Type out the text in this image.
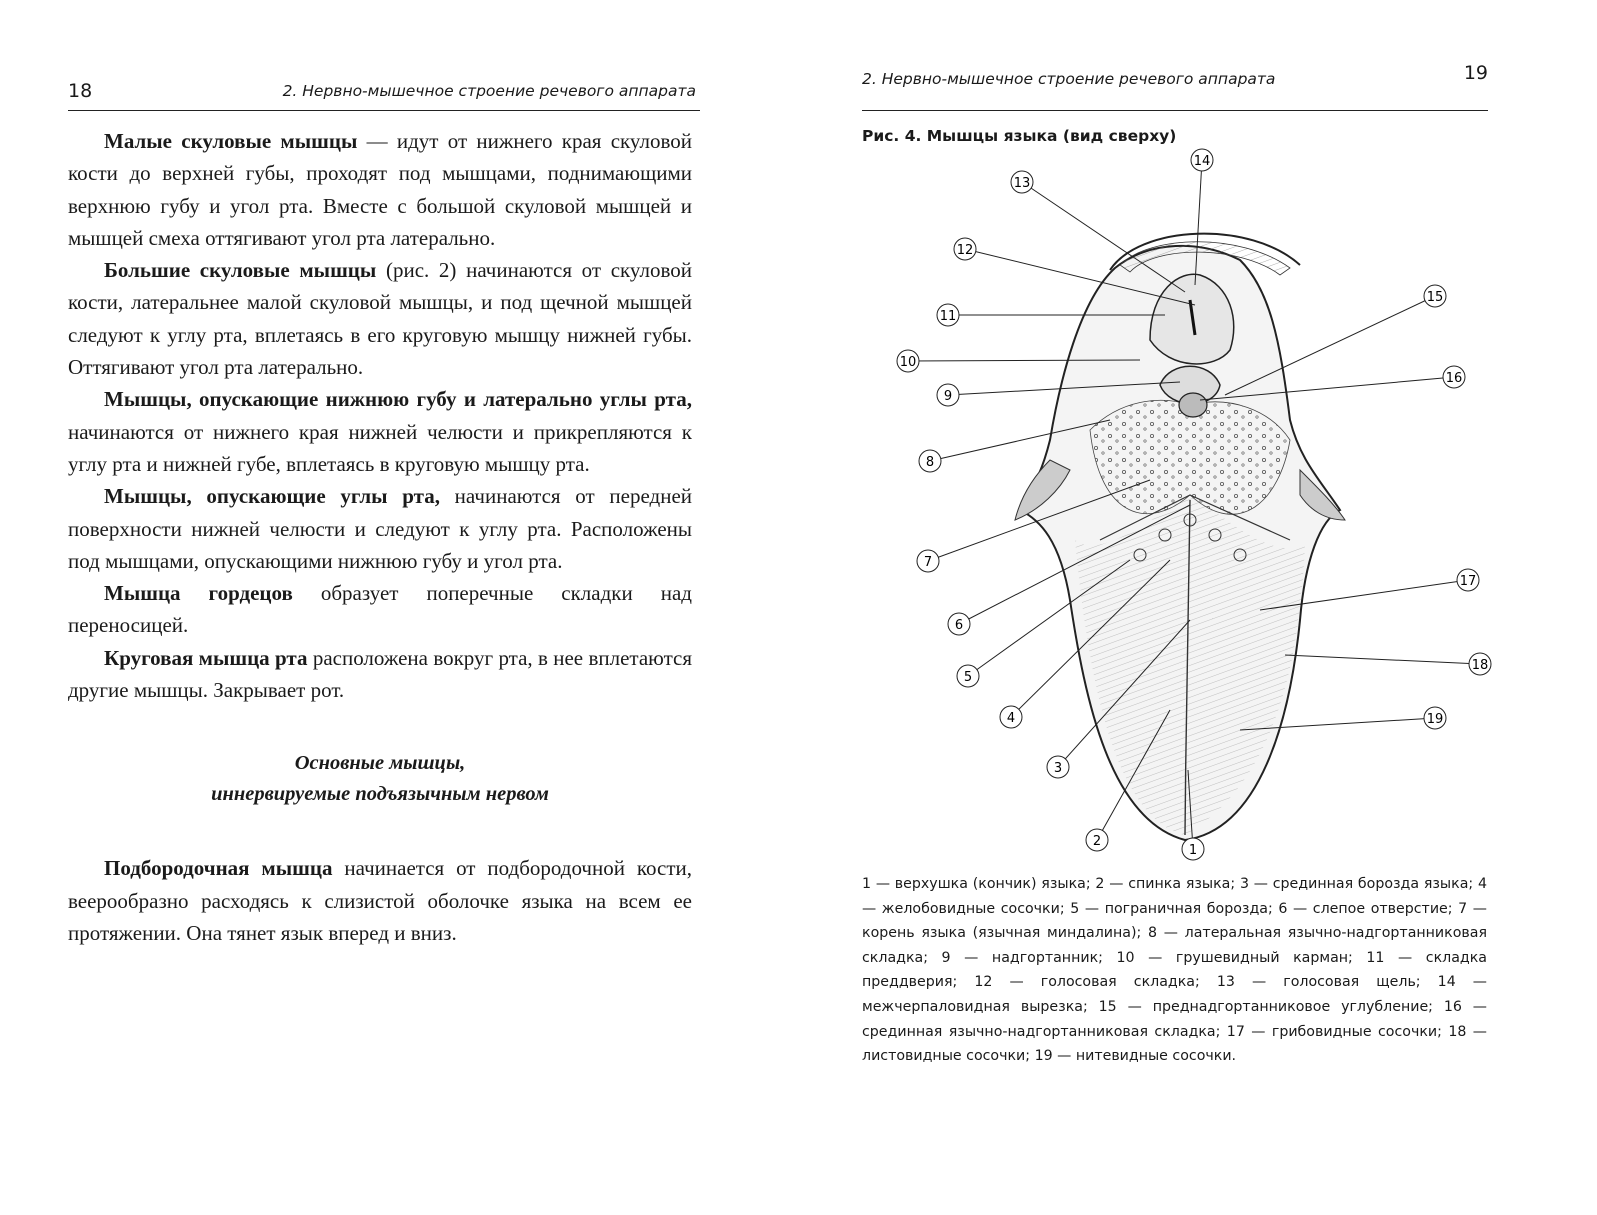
18	2. Нервно-мышечное строение речевого аппарата

Малые скуловые мышцы — идут от нижнего края скуловой кости до верхней губы, проходят под мышцами, поднимающими верхнюю губу и угол рта. Вместе с большой скуловой мышцей и мышцей смеха оттягивают угол рта латерально.

Большие скуловые мышцы (рис. 2) начинаются от скуловой кости, латеральнее малой скуловой мышцы, и под щечной мышцей следуют к углу рта, вплетаясь в его круговую мышцу нижней губы. Оттягивают угол рта латерально.

Мышцы, опускающие нижнюю губу и латерально углы рта, начинаются от нижнего края нижней челюсти и прикрепляются к углу рта и нижней губе, вплетаясь в круговую мышцу рта.

Мышцы, опускающие углы рта, начинаются от передней поверхности нижней челюсти и следуют к углу рта. Расположены под мышцами, опускающими нижнюю губу и угол рта.

Мышца гордецов образует поперечные складки над переносицей.

Круговая мышца рта расположена вокруг рта, в нее вплетаются другие мышцы. Закрывает рот.

Основные мышцы,
иннервируемые подъязычным нервом

Подбородочная мышца начинается от подбородочной кости, веерообразно расходясь к слизистой оболочке языка на всем ее протяжении. Она тянет язык вперед и вниз.

2. Нервно-мышечное строение речевого аппарата	19
Рис. 4. Мышцы языка (вид сверху)
1 — верхушка (кончик) языка; 2 — спинка языка; 3 — срединная борозда языка; 4 — желобовидные сосочки; 5 — пограничная борозда; 6 — слепое отверстие; 7 — корень языка (язычная миндалина); 8 — латеральная язычно-надгортанниковая складка; 9 — надгортанник; 10 — грушевидный карман; 11 — складка преддверия; 12 — голосовая складка; 13 — голосовая щель; 14 — межчерпаловидная вырезка; 15 — преднадгортанниковое углубление; 16 — срединная язычно-надгортанниковая складка; 17 — грибовидные сосочки; 18 — листовидные сосочки; 19 — нитевидные сосочки.
1
2
3
4
5
6
7
8
9
10
11
12
13
14
15
16
17
18
19
